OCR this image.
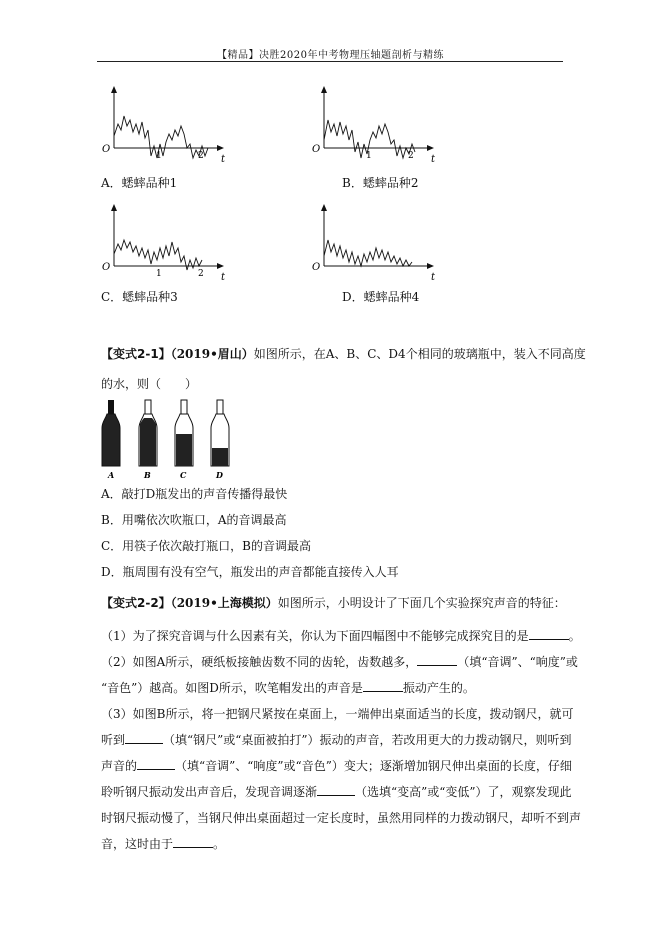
【精品】决胜2020年中考物理压轴题剖析与精练
O
1	2 t
O
1	2 t
A．蟋蟀品种1	B．蟋蟀品种2
O
1	2 t
O
t
C．蟋蟀品种3	D．蟋蟀品种4
【变式2-1】（2019•眉山）如图所示，在A、B、C、D4个相同的玻璃瓶中，装入不同高度
的水，则（　　）
A	B	C	D
A．敲打D瓶发出的声音传播得最快
B．用嘴依次吹瓶口，A的音调最高
C．用筷子依次敲打瓶口，B的音调最高
D．瓶周围有没有空气，瓶发出的声音都能直接传入人耳
【变式2-2】（2019•上海模拟）如图所示，小明设计了下面几个实验探究声音的特征：
（1）为了探究音调与什么因素有关，你认为下面四幅图中不能够完成探究目的是	。
（2）如图A所示，硬纸板接触齿数不同的齿轮，齿数越多，	（填“音调”、“响度”或
“音色”）越高。如图D所示，吹笔帽发出的声音是	振动产生的。
（3）如图B所示，将一把钢尺紧按在桌面上，一端伸出桌面适当的长度，拨动钢尺，就可
听到	（填“钢尺”或“桌面被拍打”）振动的声音，若改用更大的力拨动钢尺，则听到
声音的	（填“音调”、“响度”或“音色”）变大；逐渐增加钢尺伸出桌面的长度，仔细
聆听钢尺振动发出声音后，发现音调逐渐	（选填“变高”或“变低”）了，观察发现此
时钢尺振动慢了，当钢尺伸出桌面超过一定长度时，虽然用同样的力拨动钢尺，却听不到声
音，这时由于	。
